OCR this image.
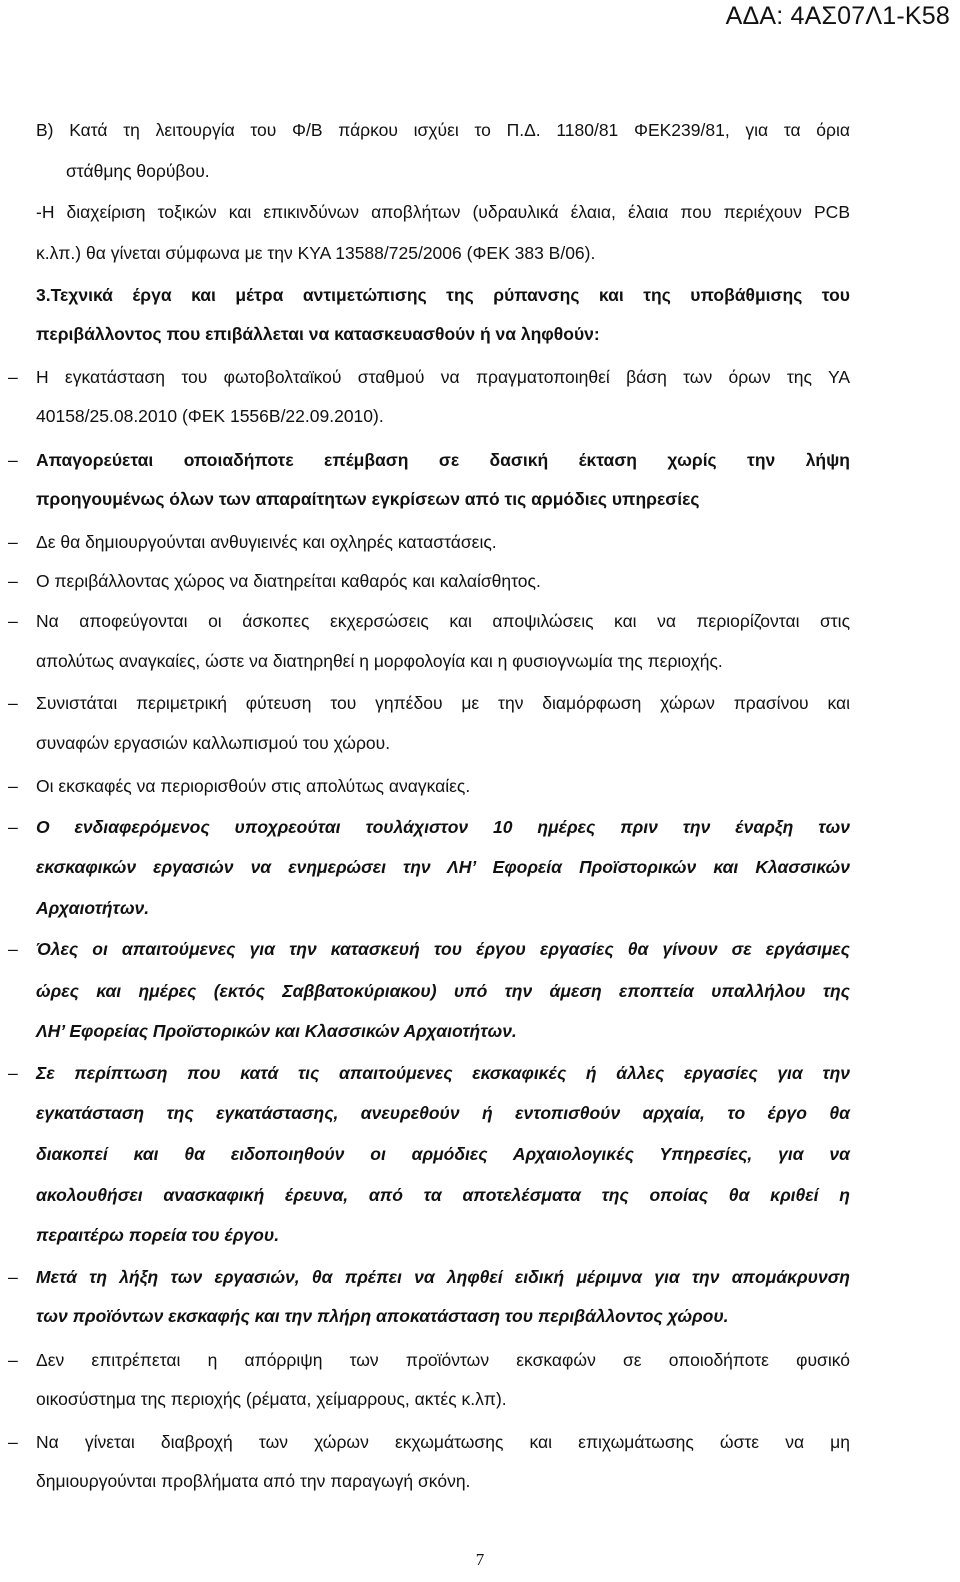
ΑΔΑ: 4ΑΣ07Λ1-Κ58
Β) Κατά τη λειτουργία του Φ/Β πάρκου ισχύει το Π.Δ. 1180/81 ΦΕΚ239/81, για τα όρια
στάθμης θορύβου.
-Η διαχείριση τοξικών και επικινδύνων αποβλήτων (υδραυλικά έλαια, έλαια που περιέχουν PCB
κ.λπ.) θα γίνεται σύμφωνα με την ΚΥΑ 13588/725/2006 (ΦΕΚ 383 Β/06).
3.Τεχνικά έργα και μέτρα αντιμετώπισης της ρύπανσης και της υποβάθμισης του
περιβάλλοντος που επιβάλλεται να κατασκευασθούν ή να ληφθούν:
– Η εγκατάσταση του φωτοβολταϊκού σταθμού να πραγματοποιηθεί βάση των όρων της ΥΑ
40158/25.08.2010 (ΦΕΚ 1556Β/22.09.2010).
– Απαγορεύεται οποιαδήποτε επέμβαση σε δασική έκταση χωρίς την λήψη
προηγουμένως όλων των απαραίτητων εγκρίσεων από τις αρμόδιες υπηρεσίες
– Δε θα δημιουργούνται ανθυγιεινές και οχληρές καταστάσεις.
– Ο περιβάλλοντας χώρος να διατηρείται καθαρός και καλαίσθητος.
– Να αποφεύγονται οι άσκοπες εκχερσώσεις και αποψιλώσεις και να περιορίζονται στις
απολύτως αναγκαίες, ώστε να διατηρηθεί η μορφολογία και η φυσιογνωμία της περιοχής.
– Συνιστάται περιμετρική φύτευση του γηπέδου με την διαμόρφωση χώρων πρασίνου και
συναφών εργασιών καλλωπισμού του χώρου.
– Οι εκσκαφές να περιορισθούν στις απολύτως αναγκαίες.
– Ο ενδιαφερόμενος υποχρεούται τουλάχιστον 10 ημέρες πριν την έναρξη των
εκσκαφικών εργασιών να ενημερώσει την ΛΗ’ Εφορεία Προϊστορικών και Κλασσικών
Αρχαιοτήτων.
– Όλες οι απαιτούμενες για την κατασκευή του έργου εργασίες θα γίνουν σε εργάσιμες
ώρες και ημέρες (εκτός Σαββατοκύριακου) υπό την άμεση εποπτεία υπαλλήλου της
ΛΗ’ Εφορείας Προϊστορικών και Κλασσικών Αρχαιοτήτων.
– Σε περίπτωση που κατά τις απαιτούμενες εκσκαφικές ή άλλες εργασίες για την
εγκατάσταση της εγκατάστασης, ανευρεθούν ή εντοπισθούν αρχαία, το έργο θα
διακοπεί και θα ειδοποιηθούν οι αρμόδιες Αρχαιολογικές Υπηρεσίες, για να
ακολουθήσει ανασκαφική έρευνα, από τα αποτελέσματα της οποίας θα κριθεί η
περαιτέρω πορεία του έργου.
– Μετά τη λήξη των εργασιών, θα πρέπει να ληφθεί ειδική μέριμνα για την απομάκρυνση
των προϊόντων εκσκαφής και την πλήρη αποκατάσταση του περιβάλλοντος χώρου.
– Δεν επιτρέπεται η απόρριψη των προϊόντων εκσκαφών σε οποιοδήποτε φυσικό
οικοσύστημα της περιοχής (ρέματα, χείμαρρους, ακτές κ.λπ).
– Να γίνεται διαβροχή των χώρων εκχωμάτωσης και επιχωμάτωσης ώστε να μη
δημιουργούνται προβλήματα από την παραγωγή σκόνη.
7
